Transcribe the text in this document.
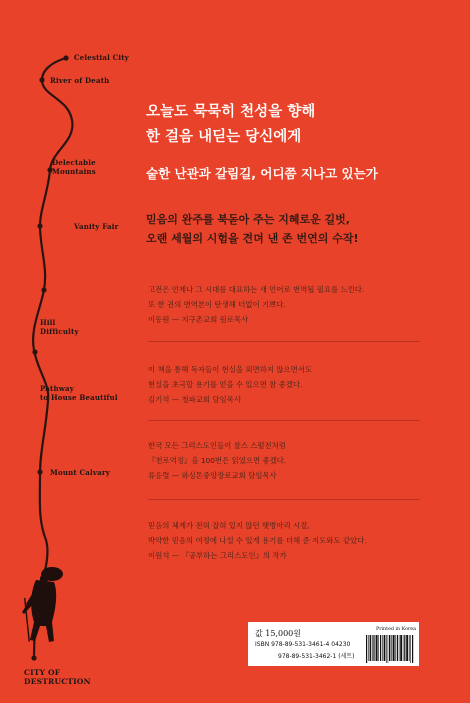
Celestial City
River of Death
Delectable
Mountains
Vanity Fair
Hill
Difficulty
Pathway
to House Beautiful
Mount Calvary
CITY OF
DESTRUCTION
오늘도 묵묵히 천성을 향해
한 걸음 내딛는 당신에게
숱한 난관과 갈림길, 어디쯤 지나고 있는가
믿음의 완주를 북돋아 주는 지혜로운 길벗,
오랜 세월의 시험을 견뎌 낸 존 번연의 수작!
고전은 언제나 그 시대를 대표하는 새 언어로 번역될 필요를 느낀다.
또 한 권의 번역본이 탄생해 더없이 기쁘다.
이동원 — 지구촌교회 원로목사
이 책을 통해 독자들이 현실을 외면하지 않으면서도
현실을 초극할 용기를 얻을 수 있으면 참 좋겠다.
김기석 — 청파교회 담임목사
한국 모든 그리스도인들이 찰스 스펄전처럼
『천로역정』을 100번은 읽었으면 좋겠다.
류응렬 — 와싱톤중앙장로교회 담임목사
믿음의 체계가 전혀 잡혀 있지 않던 햇병아리 시절,
박약한 믿음의 여정에 나설 수 있게 용기를 더해 준 지도와도 같았다.
이원석 — 『공부하는 그리스도인』의 작가
값 15,000원
ISBN 978-89-531-3461-4 04230
978-89-531-3462-1 (세트)
Printed in Korea
